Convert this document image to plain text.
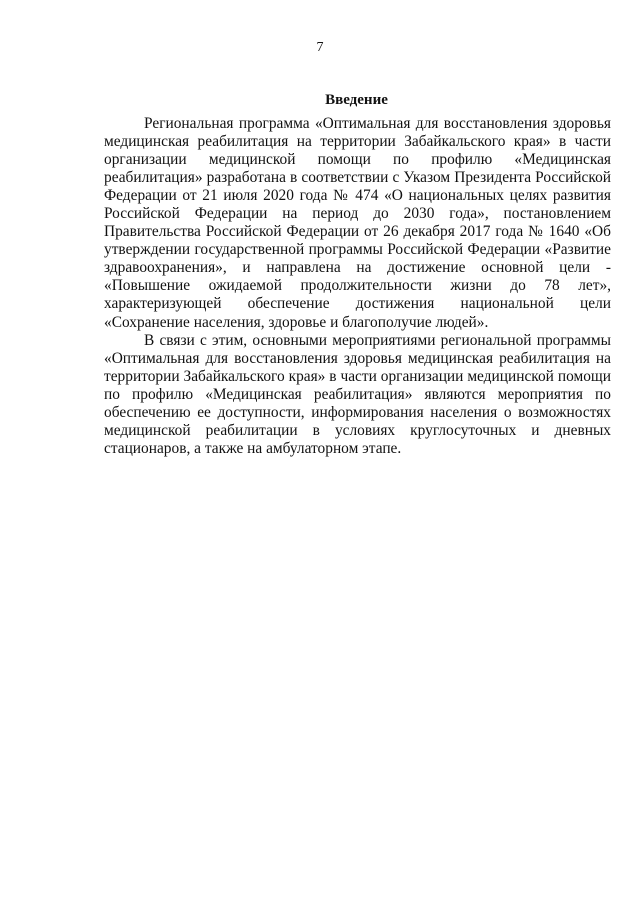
7
Введение

Региональная программа «Оптимальная для восстановления здоровья медицинская реабилитация на территории Забайкальского края» в части организации медицинской помощи по профилю «Медицинская реабилитация» разработана в соответствии с Указом Президента Российской Федерации от 21 июля 2020 года № 474 «О национальных целях развития Российской Федерации на период до 2030 года», постановлением Правительства Российской Федерации от 26 декабря 2017 года № 1640 «Об утверждении государственной программы Российской Федерации «Развитие здравоохранения», и направлена на достижение основной цели - «Повышение ожидаемой продолжительности жизни до 78 лет», характеризующей обеспечение достижения национальной цели «Сохранение населения, здоровье и благополучие людей».

В связи с этим, основными мероприятиями региональной программы «Оптимальная для восстановления здоровья медицинская реабилитация на территории Забайкальского края» в части организации медицинской помощи по профилю «Медицинская реабилитация» являются мероприятия по обеспечению ее доступности, информирования населения о возможностях медицинской реабилитации в условиях круглосуточных и дневных стационаров, а также на амбулаторном этапе.
